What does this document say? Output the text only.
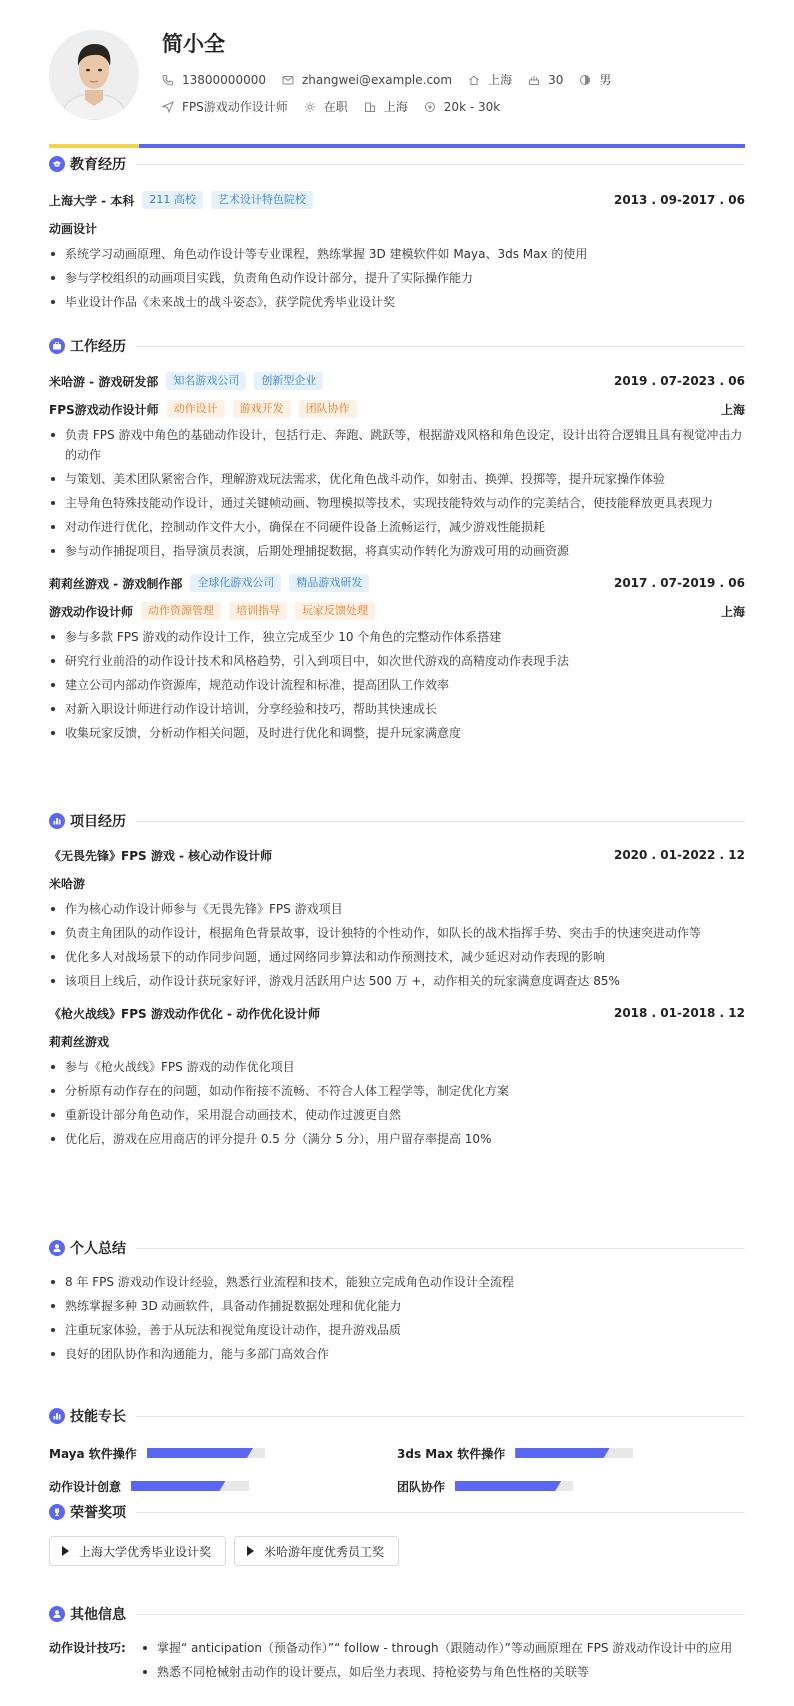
简小全
13800000000	zhangwei@example.com	上海	30	男
FPS游戏动作设计师	在职	上海	20k - 30k
教育经历
上海大学 - 本科	211 高校	艺术设计特色院校	2013 . 09-2017 . 06
动画设计
系统学习动画原理、角色动作设计等专业课程，熟练掌握 3D 建模软件如 Maya、3ds Max 的使用
参与学校组织的动画项目实践，负责角色动作设计部分，提升了实际操作能力
毕业设计作品《未来战士的战斗姿态》，获学院优秀毕业设计奖
工作经历
米哈游 - 游戏研发部	知名游戏公司	创新型企业	2019 . 07-2023 . 06
FPS游戏动作设计师	动作设计	游戏开发	团队协作	上海
负责 FPS 游戏中角色的基础动作设计，包括行走、奔跑、跳跃等，根据游戏风格和角色设定，设计出符合逻辑且具有视觉冲击力的动作
与策划、美术团队紧密合作，理解游戏玩法需求，优化角色战斗动作，如射击、换弹、投掷等，提升玩家操作体验
主导角色特殊技能动作设计，通过关键帧动画、物理模拟等技术，实现技能特效与动作的完美结合，使技能释放更具表现力
对动作进行优化，控制动作文件大小，确保在不同硬件设备上流畅运行，减少游戏性能损耗
参与动作捕捉项目，指导演员表演，后期处理捕捉数据，将真实动作转化为游戏可用的动画资源
莉莉丝游戏 - 游戏制作部	全球化游戏公司	精品游戏研发	2017 . 07-2019 . 06
游戏动作设计师	动作资源管理	培训指导	玩家反馈处理	上海
参与多款 FPS 游戏的动作设计工作，独立完成至少 10 个角色的完整动作体系搭建
研究行业前沿的动作设计技术和风格趋势，引入到项目中，如次世代游戏的高精度动作表现手法
建立公司内部动作资源库，规范动作设计流程和标准，提高团队工作效率
对新入职设计师进行动作设计培训，分享经验和技巧，帮助其快速成长
收集玩家反馈，分析动作相关问题，及时进行优化和调整，提升玩家满意度
项目经历
《无畏先锋》FPS 游戏 - 核心动作设计师	2020 . 01-2022 . 12
米哈游
作为核心动作设计师参与《无畏先锋》FPS 游戏项目
负责主角团队的动作设计，根据角色背景故事，设计独特的个性动作，如队长的战术指挥手势、突击手的快速突进动作等
优化多人对战场景下的动作同步问题，通过网络同步算法和动作预测技术，减少延迟对动作表现的影响
该项目上线后，动作设计获玩家好评，游戏月活跃用户达 500 万 +，动作相关的玩家满意度调查达 85%
《枪火战线》FPS 游戏动作优化 - 动作优化设计师	2018 . 01-2018 . 12
莉莉丝游戏
参与《枪火战线》FPS 游戏的动作优化项目
分析原有动作存在的问题，如动作衔接不流畅、不符合人体工程学等，制定优化方案
重新设计部分角色动作，采用混合动画技术，使动作过渡更自然
优化后，游戏在应用商店的评分提升 0.5 分（满分 5 分），用户留存率提高 10%
个人总结
8 年 FPS 游戏动作设计经验，熟悉行业流程和技术，能独立完成角色动作设计全流程
熟练掌握多种 3D 动画软件，具备动作捕捉数据处理和优化能力
注重玩家体验，善于从玩法和视觉角度设计动作，提升游戏品质
良好的团队协作和沟通能力，能与多部门高效合作
技能专长
Maya 软件操作	3ds Max 软件操作
动作设计创意	团队协作
荣誉奖项
上海大学优秀毕业设计奖	米哈游年度优秀员工奖
其他信息
动作设计技巧:	掌握“ anticipation（预备动作）”“ follow - through（跟随动作）”等动画原理在 FPS 游戏动作设计中的应用
熟悉不同枪械射击动作的设计要点，如后坐力表现、持枪姿势与角色性格的关联等
